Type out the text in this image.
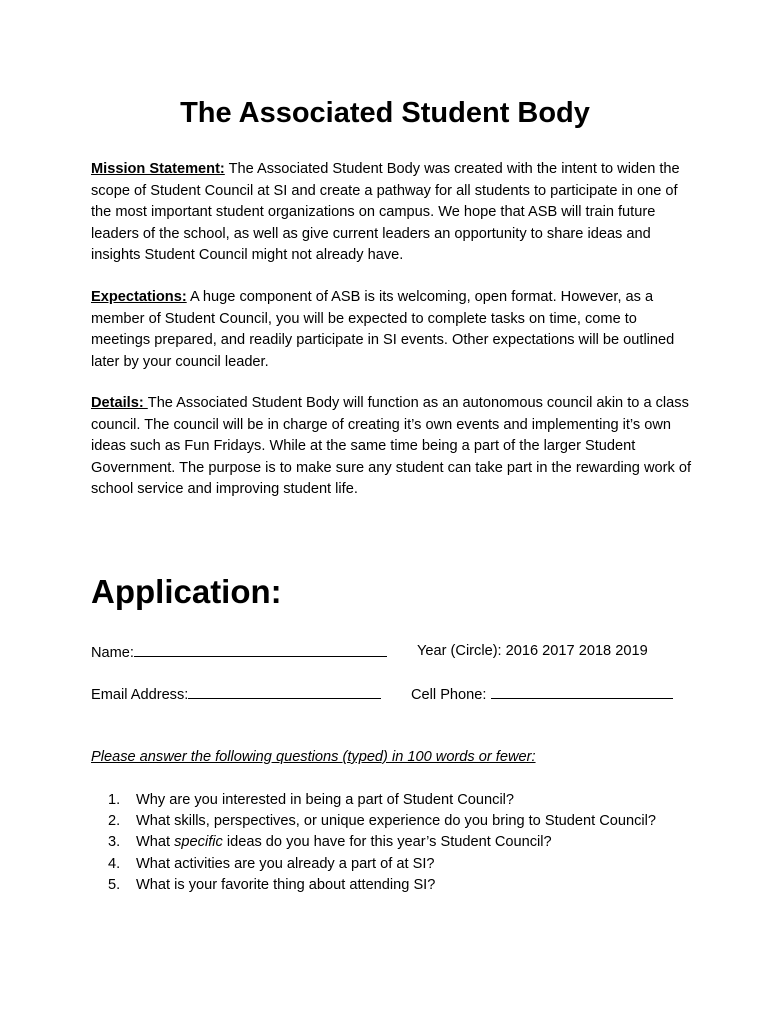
The Associated Student Body
Mission Statement: The Associated Student Body was created with the intent to widen the scope of Student Council at SI and create a pathway for all students to participate in one of the most important student organizations on campus. We hope that ASB will train future leaders of the school, as well as give current leaders an opportunity to share ideas and insights Student Council might not already have.
Expectations: A huge component of ASB is its welcoming, open format. However, as a member of Student Council, you will be expected to complete tasks on time, come to meetings prepared, and readily participate in SI events. Other expectations will be outlined later by your council leader.
Details: The Associated Student Body will function as an autonomous council akin to a class council. The council will be in charge of creating it’s own events and implementing it’s own ideas such as Fun Fridays. While at the same time being a part of the larger Student Government. The purpose is to make sure any student can take part in the rewarding work of school service and improving student life.
Application:
Name:	Year (Circle): 2016 2017 2018 2019
Email Address:	Cell Phone:
Please answer the following questions (typed) in 100 words or fewer:
1. Why are you interested in being a part of Student Council?
2. What skills, perspectives, or unique experience do you bring to Student Council?
3. What specific ideas do you have for this year’s Student Council?
4. What activities are you already a part of at SI?
5. What is your favorite thing about attending SI?
